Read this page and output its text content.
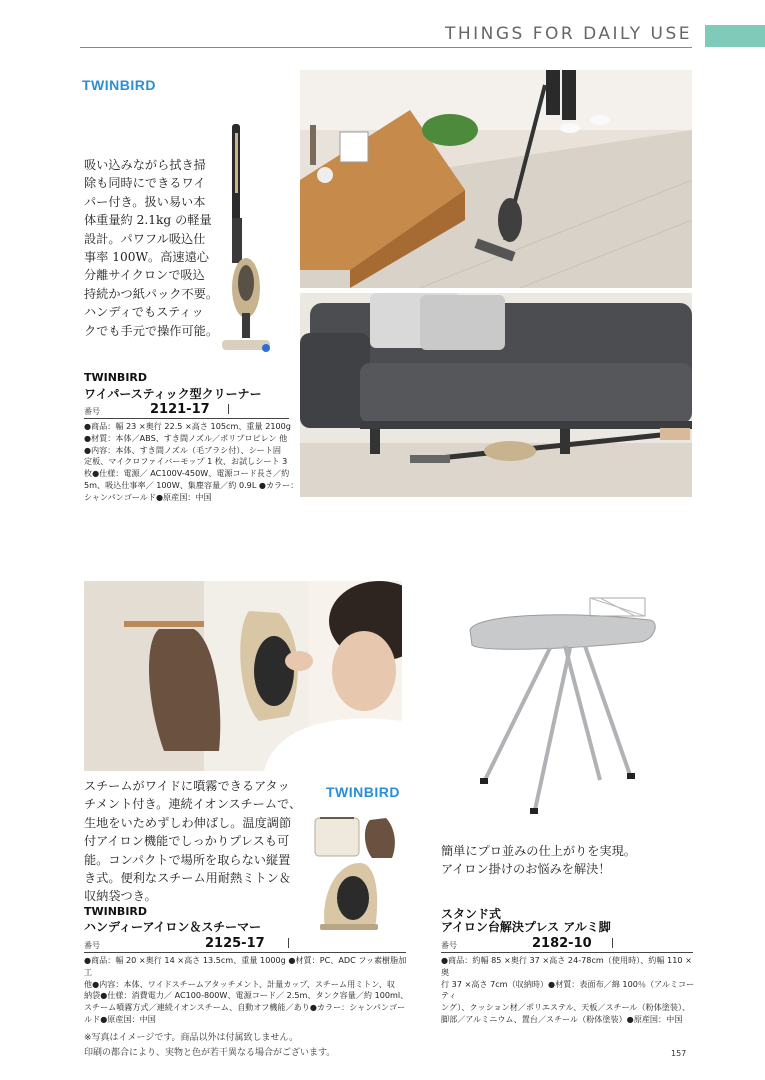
THINGS FOR DAILY USE
TWINBIRD
吸い込みながら拭き掃
除も同時にできるワイ
パー付き。扱い易い本
体重量約 2.1kg の軽量
設計。パワフル吸込仕
事率 100W。高速遠心
分離サイクロンで吸込
持続かつ紙パック不要。
ハンディでもスティッ
クでも手元で操作可能。
TWINBIRD
ワイパースティック型クリーナー
番号	2121-17
●商品：幅 23 ×奥行 22.5 ×高さ 105cm、重量 2100g
●材質：本体／ABS、すき間ノズル／ポリプロピレン 他
●内容：本体、すき間ノズル（毛ブラシ付）、シート固
定板、マイクロファイバーモップ 1 枚、お試しシート 3
枚●仕様：電源／ AC100V-450W、電源コード長さ／約
5m、吸込仕事率／ 100W、集塵容量／約 0.9L ●カラー：
シャンパンゴールド●原産国：中国
スチームがワイドに噴霧できるアタッ
チメント付き。連続イオンスチームで、
生地をいためずしわ伸ばし。温度調節
付アイロン機能でしっかりプレスも可
能。コンパクトで場所を取らない縦置
き式。便利なスチーム用耐熱ミトン＆
収納袋つき。
TWINBIRD
TWINBIRD
ハンディーアイロン＆スチーマー
番号	2125-17
●商品：幅 20 ×奥行 14 ×高さ 13.5cm、重量 1000g ●材質：PC、ADC フッ素樹脂加工
他●内容：本体、ワイドスチームアタッチメント、計量カップ、スチーム用ミトン、収
納袋●仕様：消費電力／ AC100-800W、電源コード／ 2.5m、タンク容量／約 100ml、
スチーム噴霧方式／連続イオンスチーム、自動オフ機能／あり●カラー：シャンパンゴー
ルド●原産国：中国
簡単にプロ並みの仕上がりを実現。
アイロン掛けのお悩みを解決！
スタンド式
アイロン台解決プレス アルミ脚
番号	2182-10
●商品：約幅 85 ×奥行 37 ×高さ 24-78cm（使用時）、約幅 110 ×奥
行 37 ×高さ 7cm（収納時）●材質：表面布／綿 100％（アルミコーティ
ング）、クッション材／ポリエステル、天板／スチール（粉体塗装）、
脚部／アルミニウム、置台／スチール（粉体塗装）●原産国：中国
※写真はイメージです。商品以外は付属致しません。
印刷の都合により、実物と色が若干異なる場合がございます。	157
